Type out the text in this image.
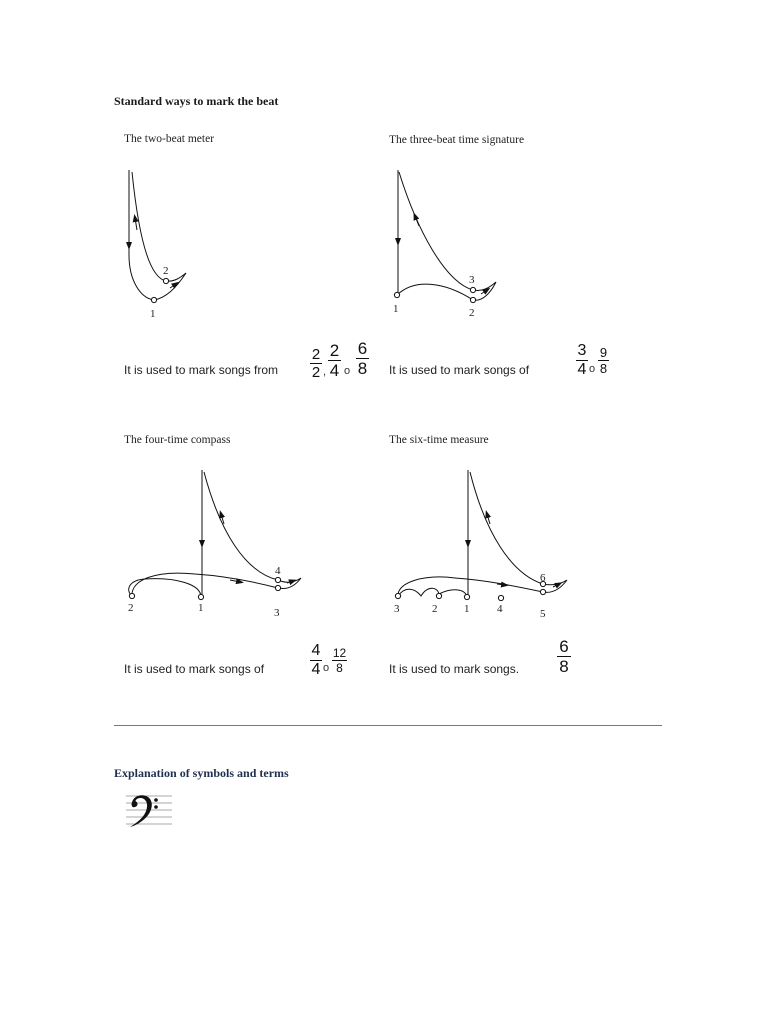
Standard ways to mark the beat
The two-beat meter
1
2
It is used to mark songs from
2
2 ,
2
4 o
6
8
The three-beat time signature
1	2
3
It is used to mark songs of
3
4 o
9
8
The four-time compass
1
2	3
4
It is used to mark songs of
4
4 o
12
8
The six-time measure
1
2
3	4	5
6
It is used to mark songs.
6
8
Explanation of symbols and terms
